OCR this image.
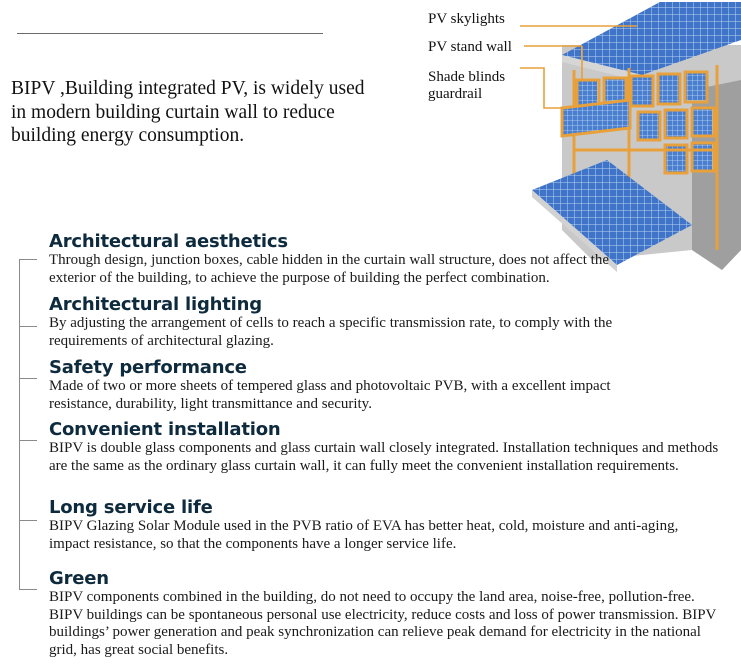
BIPV ,Building integrated PV, is widely used in modern building curtain wall to reduce building energy consumption.
PV skylights
PV stand wall
Shade blinds
guardrail
Architectural aesthetics

Through design, junction boxes, cable hidden in the curtain wall structure, does not affect the exterior of the building, to achieve the purpose of building the perfect combination.

Architectural lighting

By adjusting the arrangement of cells to reach a specific transmission rate, to comply with the requirements of architectural glazing.

Safety performance

Made of two or more sheets of tempered glass and photovoltaic PVB, with a excellent impact resistance, durability, light transmittance and security.

Convenient installation

BIPV is double glass components and glass curtain wall closely integrated. Installation techniques and methods are the same as the ordinary glass curtain wall, it can fully meet the convenient installation requirements.

Long service life

BIPV Glazing Solar Module used in the PVB ratio of EVA has better heat, cold, moisture and anti-aging, impact resistance, so that the components have a longer service life.

Green

BIPV components combined in the building, do not need to occupy the land area, noise-free, pollution-free. BIPV buildings can be spontaneous personal use electricity, reduce costs and loss of power transmission. BIPV buildings’ power generation and peak synchronization can relieve peak demand for electricity in the national grid, has great social benefits.
